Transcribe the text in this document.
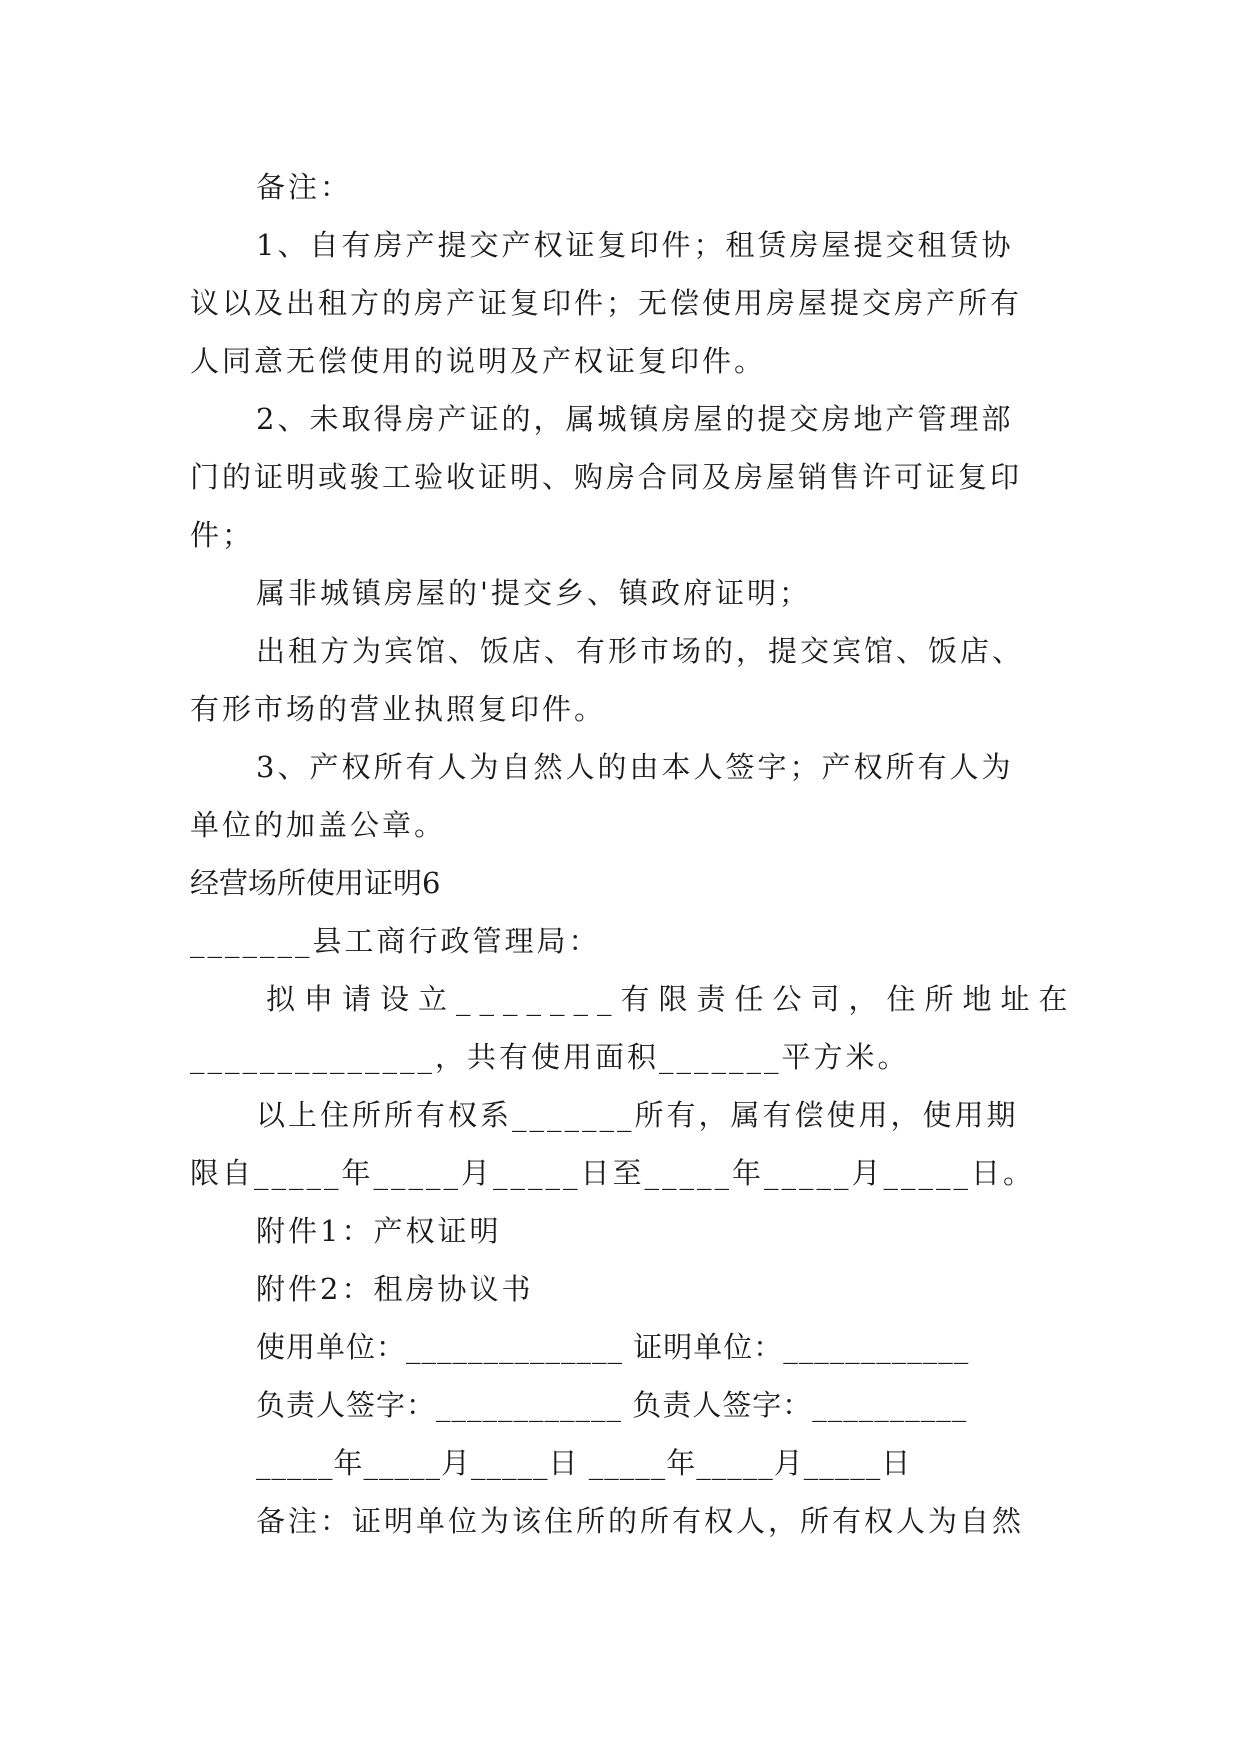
备注：
1、自有房产提交产权证复印件；租赁房屋提交租赁协
议以及出租方的房产证复印件；无偿使用房屋提交房产所有
人同意无偿使用的说明及产权证复印件。
2、未取得房产证的，属城镇房屋的提交房地产管理部
门的证明或骏工验收证明、购房合同及房屋销售许可证复印
件；
属非城镇房屋的'提交乡、镇政府证明；
出租方为宾馆、饭店、有形市场的，提交宾馆、饭店、
有形市场的营业执照复印件。
3、产权所有人为自然人的由本人签字；产权所有人为
单位的加盖公章。
经营场所使用证明6
_______县工商行政管理局：
拟申请设立_______有限责任公司，住所地址在
______________，共有使用面积_______平方米。
以上住所所有权系_______所有，属有偿使用，使用期
限自_____年_____月_____日至_____年_____月_____日。
附件1：产权证明
附件2：租房协议书
使用单位：______________ 证明单位：____________
负责人签字：____________ 负责人签字：__________
_____年_____月_____日 _____年_____月_____日
备注：证明单位为该住所的所有权人，所有权人为自然
